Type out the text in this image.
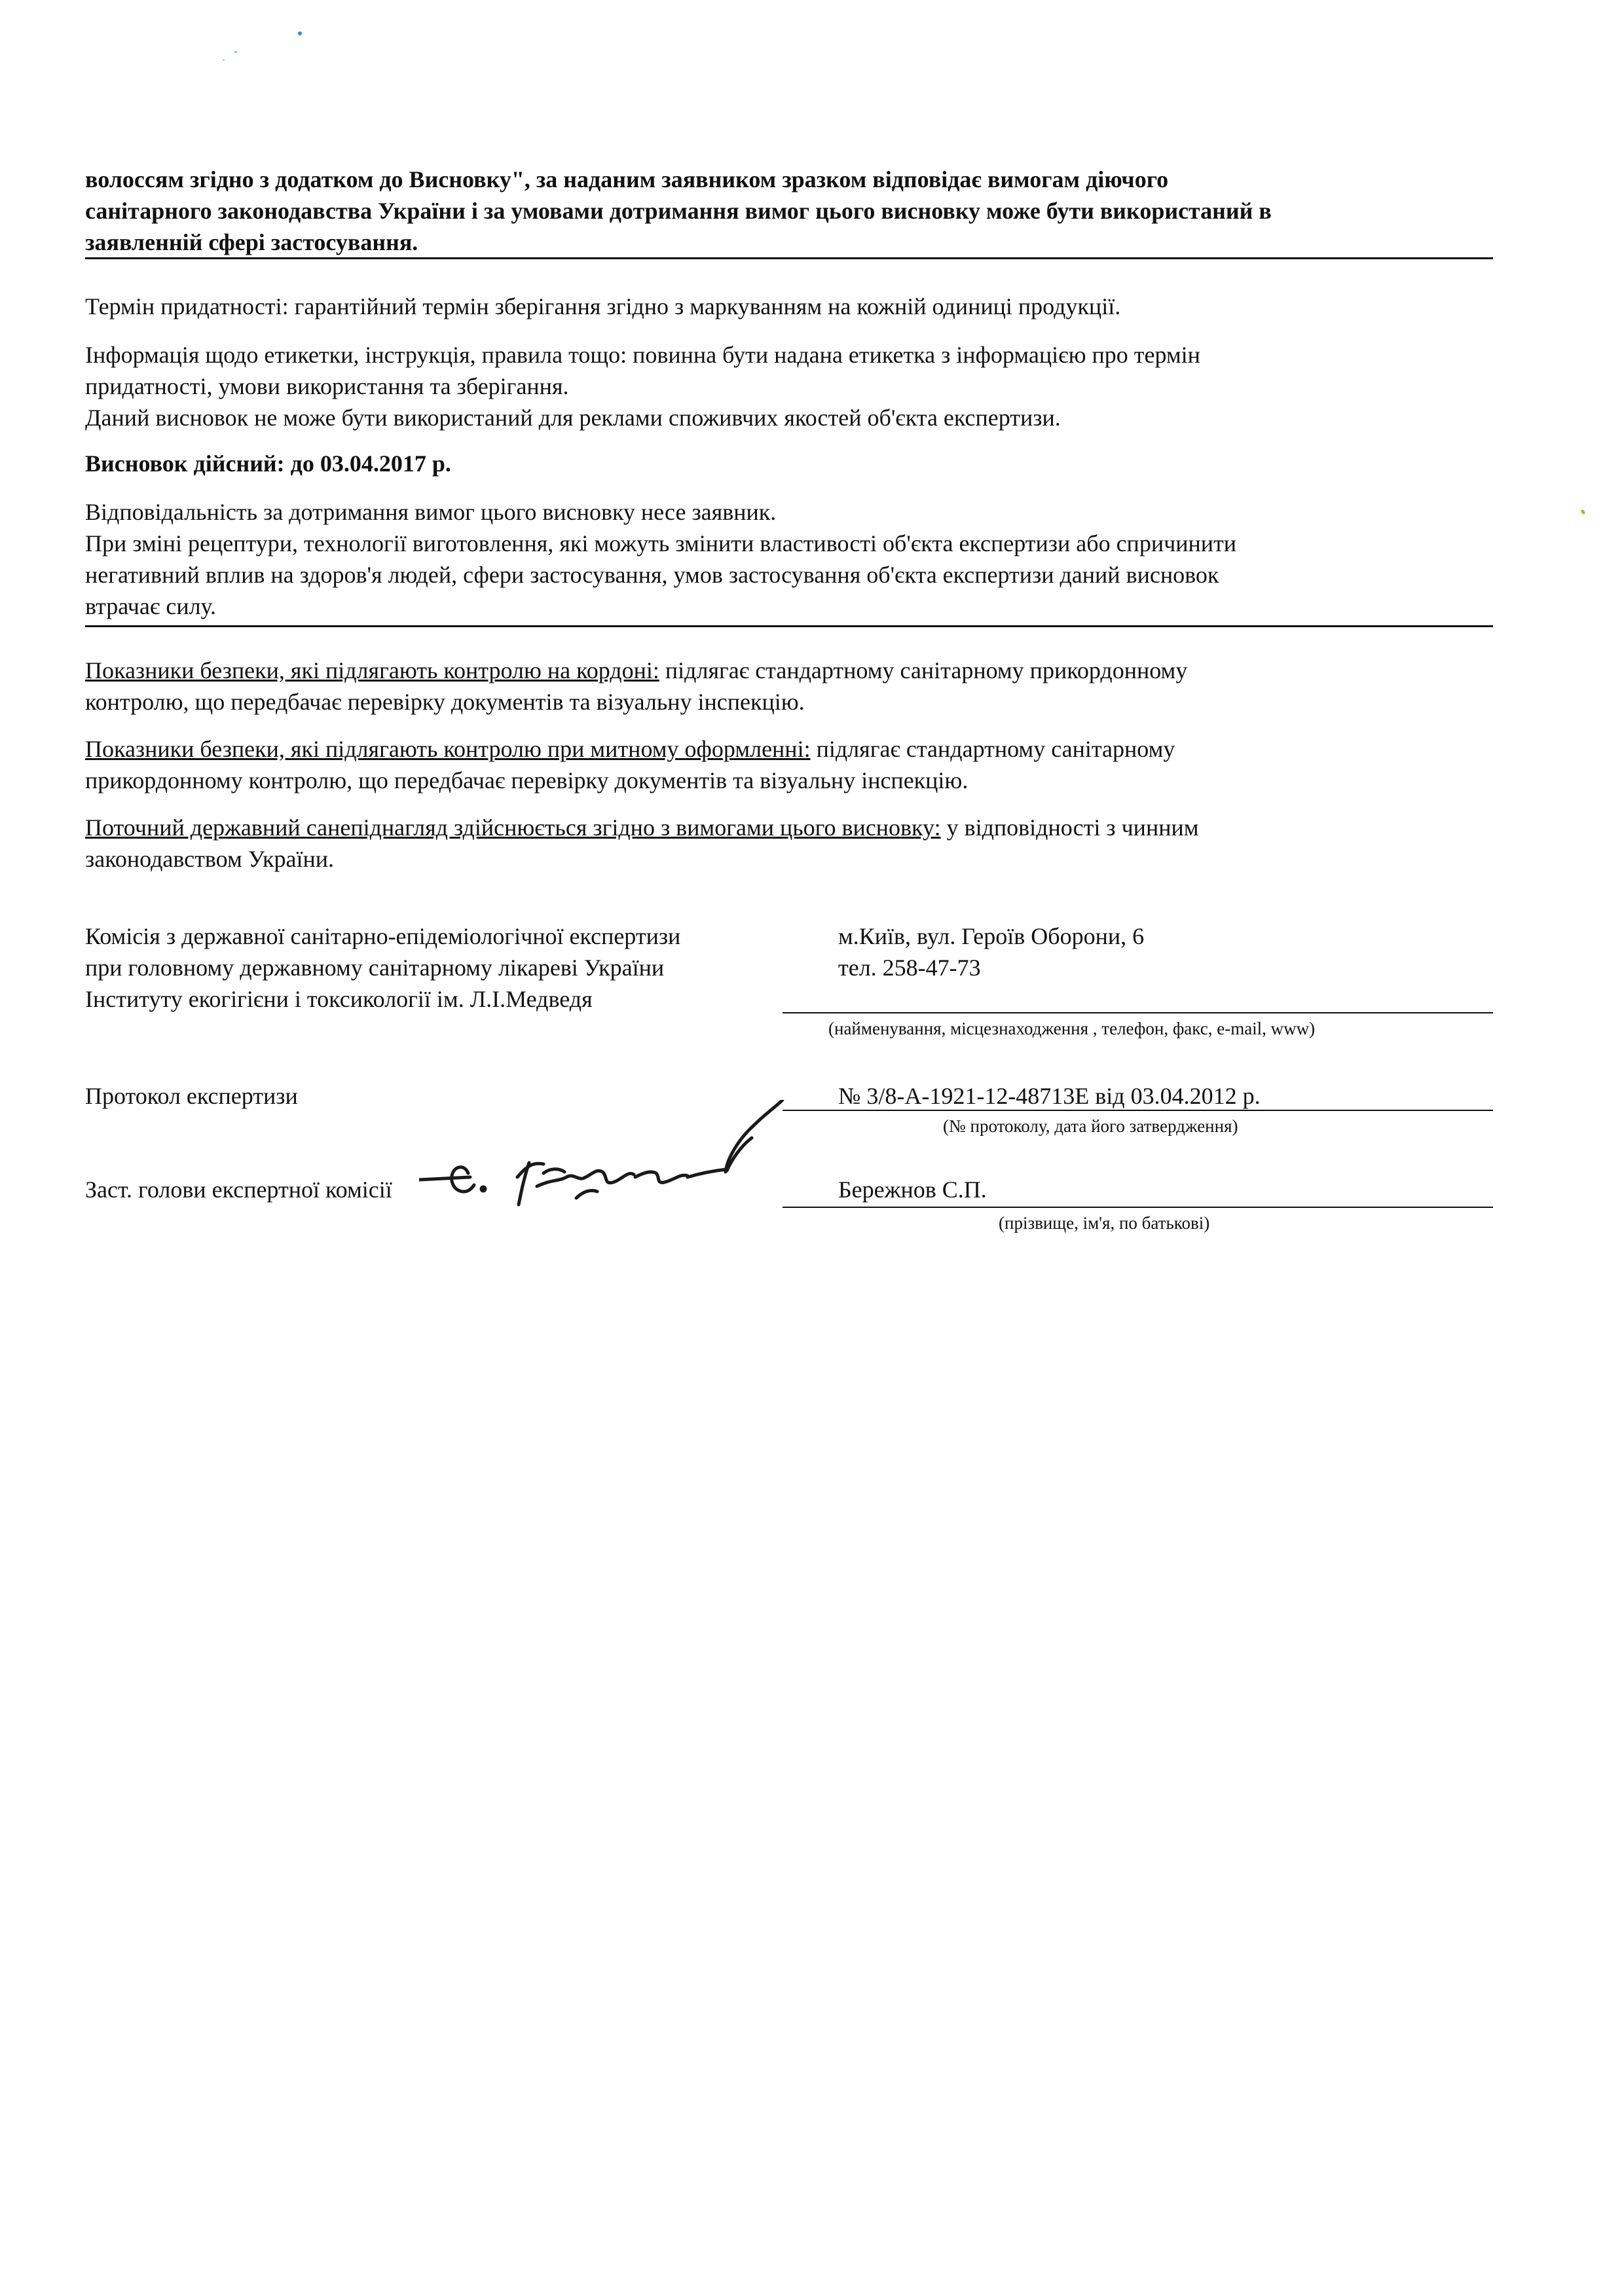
волоссям згідно з додатком до Висновку", за наданим заявником зразком відповідає вимогам діючого
санітарного законодавства України і за умовами дотримання вимог цього висновку може бути використаний в
заявленній сфері застосування.
Термін придатності: гарантійний термін зберігання згідно з маркуванням на кожній одиниці продукції.
Інформація щодо етикетки, інструкція, правила тощо: повинна бути надана етикетка з інформацією про термін
придатності, умови використання та зберігання.
Даний висновок не може бути використаний для реклами споживчих якостей об'єкта експертизи.
Висновок дійсний: до 03.04.2017 р.
Відповідальність за дотримання вимог цього висновку несе заявник.
При зміні рецептури, технології виготовлення, які можуть змінити властивості об'єкта експертизи або спричинити
негативний вплив на здоров'я людей, сфери застосування, умов застосування об'єкта експертизи даний висновок
втрачає силу.
Показники безпеки, які підлягають контролю на кордоні: підлягає стандартному санітарному прикордонному
контролю, що передбачає перевірку документів та візуальну інспекцію.
Показники безпеки, які підлягають контролю при митному оформленні: підлягає стандартному санітарному
прикордонному контролю, що передбачає перевірку документів та візуальну інспекцію.
Поточний державний санепіднагляд здійснюється згідно з вимогами цього висновку: у відповідності з чинним
законодавством України.
Комісія з державної санітарно-епідеміологічної експертизи
при головному державному санітарному лікареві України
Інституту екогігієни і токсикології ім. Л.І.Медведя
м.Київ, вул. Героїв Оборони, 6
тел. 258-47-73
(найменування, місцезнаходження , телефон, факс, e-mail, www)
Протокол експертизи	№ 3/8-А-1921-12-48713Е від 03.04.2012 р.
(№ протоколу, дата його затвердження)
Заст. голови експертної комісії	Бережнов С.П.
(прізвище, ім'я, по батькові)
